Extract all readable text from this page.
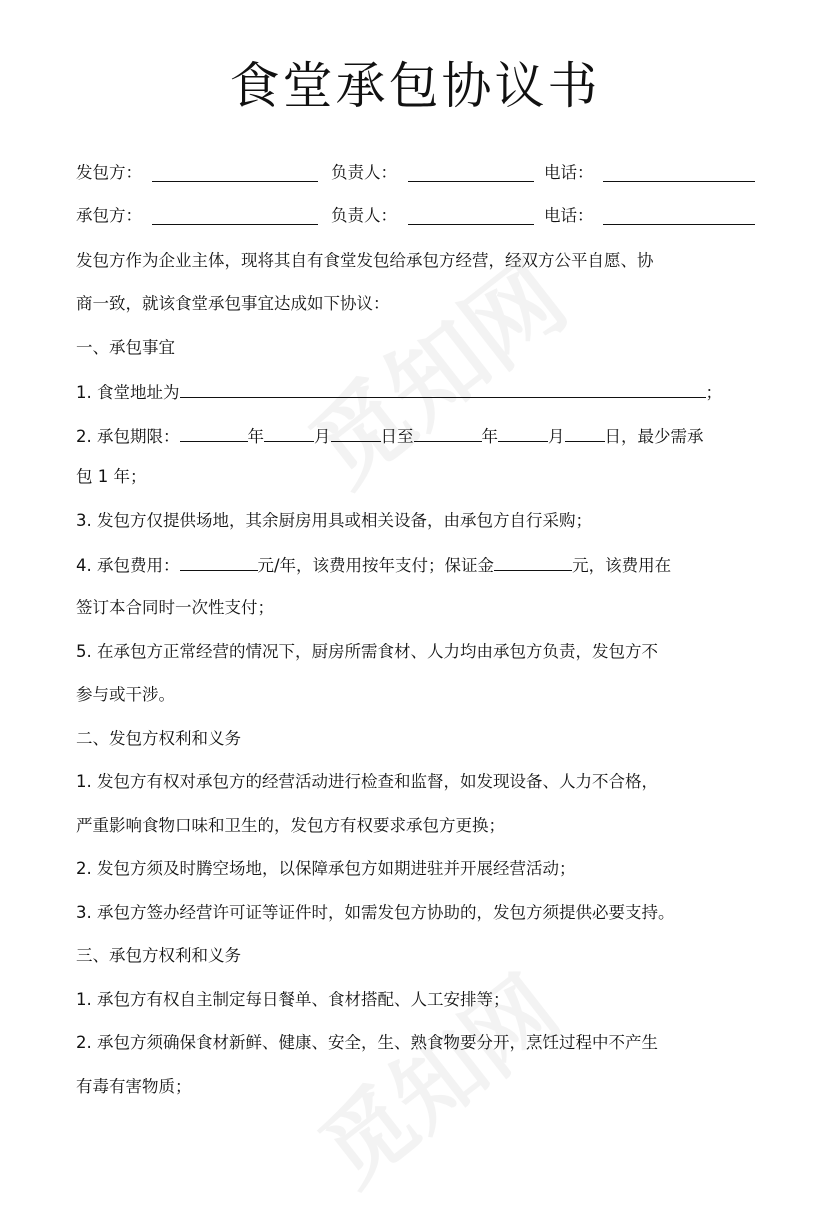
食堂承包协议书
发包方：	负责人：	电话：
承包方：	负责人：	电话：
发包方作为企业主体，现将其自有食堂发包给承包方经营，经双方公平自愿、协
商一致，就该食堂承包事宜达成如下协议：
一、承包事宜
1. 食堂地址为	；
2. 承包期限：	年	月	日至	年	月 日，最少需承
包 1 年；
3. 发包方仅提供场地，其余厨房用具或相关设备，由承包方自行采购；
4. 承包费用：	元/年，该费用按年支付；保证金	元，该费用在
签订本合同时一次性支付；
5. 在承包方正常经营的情况下，厨房所需食材、人力均由承包方负责，发包方不
参与或干涉。
二、发包方权利和义务
1. 发包方有权对承包方的经营活动进行检查和监督，如发现设备、人力不合格，
严重影响食物口味和卫生的，发包方有权要求承包方更换；
2. 发包方须及时腾空场地，以保障承包方如期进驻并开展经营活动；
3. 承包方签办经营许可证等证件时，如需发包方协助的，发包方须提供必要支持。
三、承包方权利和义务
1. 承包方有权自主制定每日餐单、食材搭配、人工安排等；
2. 承包方须确保食材新鲜、健康、安全，生、熟食物要分开，烹饪过程中不产生
有毒有害物质；
